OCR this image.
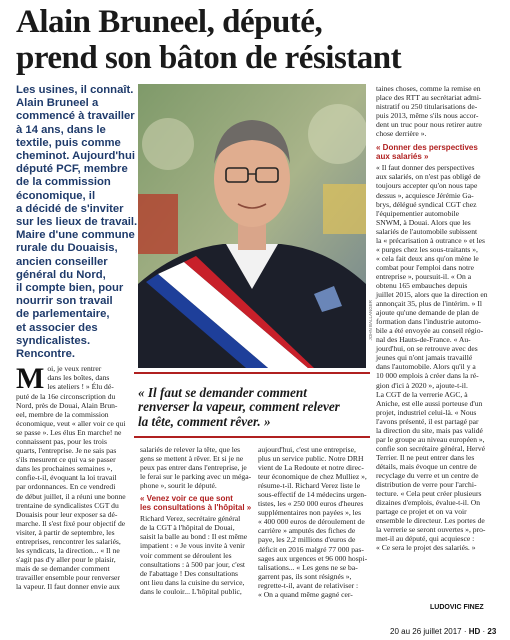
Alain Bruneel, député,
prend son bâton de résistant
Les usines, il connaît.
Alain Bruneel a
commencé à travailler
à 14 ans, dans le
textile, puis comme
cheminot. Aujourd'hui
député PCF, membre
de la commission
économique, il
a décidé de s'inviter
sur les lieux de travail.
Maire d'une commune
rurale du Douaisis,
ancien conseiller
général du Nord,
il compte bien, pour
nourrir son travail
de parlementaire,
et associer des
syndicalistes.
Rencontre.
JOHN BALLANGER
« Il faut se demander comment
renverser la vapeur, comment relever
la tête, comment rêver. »
M oi, je veux rentrer
dans les boîtes, dans
les ateliers ! » Élu dé-
puté de la 16e circonscription du
Nord, près de Douai, Alain Brun-
eel, membre de la commission
économique, veut « aller voir ce qui
se passe ». Les élus En marche! ne
connaissent pas, pour les trois
quarts, l'entreprise. Je ne sais pas
s'ils mesurent ce qui va se passer
dans les prochaines semaines »,
confie-t-il, évoquant la loi travail
par ordonnances. En ce vendredi
de début juillet, il a réuni une bonne
trentaine de syndicalistes CGT du
Douaisis pour leur exposer sa dé-
marche. Il s'est fixé pour objectif de
visiter, à partir de septembre, les
entreprises, rencontrer les salariés,
les syndicats, la direction... « Il ne
s'agit pas d'y aller pour le plaisir,
mais de se demander comment
travailler ensemble pour renverser
la vapeur. Il faut donner envie aux
salariés de relever la tête, que les
gens se mettent à rêver. Et si je ne
peux pas entrer dans l'entreprise, je
le ferai sur le parking avec un méga-
phone », sourit le député.
« Venez voir ce que sont
les consultations à l'hôpital »
Richard Verez, secrétaire général
de la CGT à l'hôpital de Douai,
saisit la balle au bond : Il est même
impatient : « Je vous invite à venir
voir comment se déroulent les
consultations : à 500 par jour, c'est
de l'abattage ! Des consultations
ont lieu dans la cuisine du service,
dans le couloir... L'hôpital public,
aujourd'hui, c'est une entreprise,
plus un service public. Notre DRH
vient de La Redoute et notre direc-
teur économique de chez Mulliez »,
résume-t-il. Richard Verez liste le
sous-effectif de 14 médecins urgen-
tistes, les « 250 000 euros d'heures
supplémentaires non payées », les
« 400 000 euros de déroulement de
carrière » amputés des fiches de
paye, les 2,2 millions d'euros de
déficit en 2016 malgré 77 000 pas-
sages aux urgences et 96 000 hospi-
talisations... « Les gens ne se ba-
garrent pas, ils sont résignés »,
regrette-t-il, avant de relativiser :
« On a quand même gagné cer-
taines choses, comme la remise en
place des RTT au secrétariat admi-
nistratif ou 250 titularisations de-
puis 2013, même s'ils nous accor-
dent un truc pour nous retirer autre
chose derrière ».
« Donner des perspectives
aux salariés »
« Il faut donner des perspectives
aux salariés, on n'est pas obligé de
toujours accepter qu'on nous tape
dessus », acquiesce Jérémie Ga-
brys, délégué syndical CGT chez
l'équipementier automobile
SNWM, à Douai. Alors que les
salariés de l'automobile subissent
la « précarisation à outrance » et les
« purges chez les sous-traitants »,
« cela fait deux ans qu'on mène le
combat pour l'emploi dans notre
entreprise », poursuit-il. « On a
obtenu 165 embauches depuis
juillet 2015, alors que la direction en
annonçait 35, plus de l'intérim. » Il
ajoute qu'une demande de plan de
formation dans l'industrie automo-
bile a été envoyée au conseil régio-
nal des Hauts-de-France. « Au-
jourd'hui, on se retrouve avec des
jeunes qui n'ont jamais travaillé
dans l'automobile. Alors qu'il y a
10 000 emplois à créer dans la ré-
gion d'ici à 2020 », ajoute-t-il.
La CGT de la verrerie AGC, à
Aniche, est elle aussi porteuse d'un
projet, industriel celui-là. « Nous
l'avons présenté, il est partagé par
la direction du site, mais pas validé
par le groupe au niveau européen »,
confie son secrétaire général, Hervé
Terrier. Il ne peut entrer dans les
détails, mais évoque un centre de
recyclage du verre et un centre de
distribution de verre pour l'archi-
tecture. « Cela peut créer plusieurs
dizaines d'emplois, évalue-t-il. On
partage ce projet et on va voir
ensemble le directeur. Les portes de
la verrerie se seront ouvertes », pro-
met-il au député, qui acquiesce :
« Ce sera le projet des salariés. »
LUDOVIC FINEZ
20 au 26 juillet 2017 · HD · 23
